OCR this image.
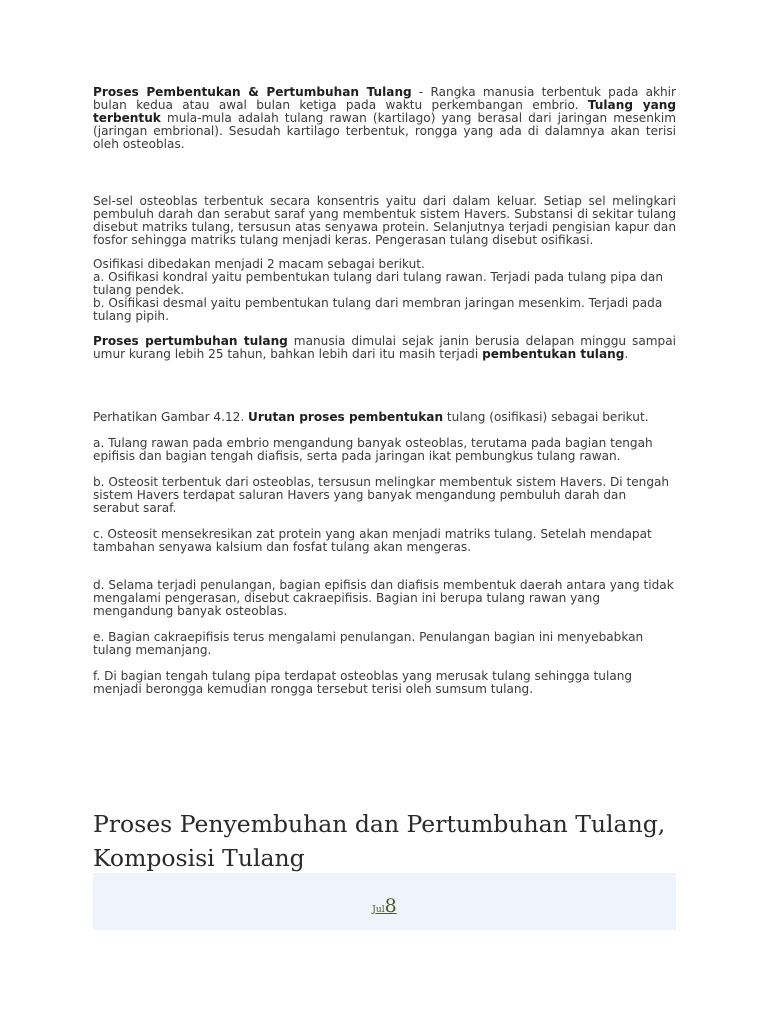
Proses Pembentukan & Pertumbuhan Tulang - Rangka manusia terbentuk pada akhir bulan kedua atau awal bulan ketiga pada waktu perkembangan embrio. Tulang yang terbentuk mula-mula adalah tulang rawan (kartilago) yang berasal dari jaringan mesenkim (jaringan embrional). Sesudah kartilago terbentuk, rongga yang ada di dalamnya akan terisi oleh osteoblas.

Sel-sel osteoblas terbentuk secara konsentris yaitu dari dalam keluar. Setiap sel melingkari pembuluh darah dan serabut saraf yang membentuk sistem Havers. Substansi di sekitar tulang disebut matriks tulang, tersusun atas senyawa protein. Selanjutnya terjadi pengisian kapur dan fosfor sehingga matriks tulang menjadi keras. Pengerasan tulang disebut osifikasi.

Osifikasi dibedakan menjadi 2 macam sebagai berikut.
a. Osifikasi kondral yaitu pembentukan tulang dari tulang rawan. Terjadi pada tulang pipa dan tulang pendek.
b. Osifikasi desmal yaitu pembentukan tulang dari membran jaringan mesenkim. Terjadi pada tulang pipih.

Proses pertumbuhan tulang manusia dimulai sejak janin berusia delapan minggu sampai umur kurang lebih 25 tahun, bahkan lebih dari itu masih terjadi pembentukan tulang.

Perhatikan Gambar 4.12. Urutan proses pembentukan tulang (osifikasi) sebagai berikut.

a. Tulang rawan pada embrio mengandung banyak osteoblas, terutama pada bagian tengah epifisis dan bagian tengah diafisis, serta pada jaringan ikat pembungkus tulang rawan.

b. Osteosit terbentuk dari osteoblas, tersusun melingkar membentuk sistem Havers. Di tengah sistem Havers terdapat saluran Havers yang banyak mengandung pembuluh darah dan serabut saraf.

c. Osteosit mensekresikan zat protein yang akan menjadi matriks tulang. Setelah mendapat tambahan senyawa kalsium dan fosfat tulang akan mengeras.

d. Selama terjadi penulangan, bagian epifisis dan diafisis membentuk daerah antara yang tidak mengalami pengerasan, disebut cakraepifisis. Bagian ini berupa tulang rawan yang mengandung banyak osteoblas.

e. Bagian cakraepifisis terus mengalami penulangan. Penulangan bagian ini menyebabkan tulang memanjang.

f. Di bagian tengah tulang pipa terdapat osteoblas yang merusak tulang sehingga tulang menjadi berongga kemudian rongga tersebut terisi oleh sumsum tulang.

Proses Penyembuhan dan Pertumbuhan Tulang, Komposisi Tulang
Jul8
